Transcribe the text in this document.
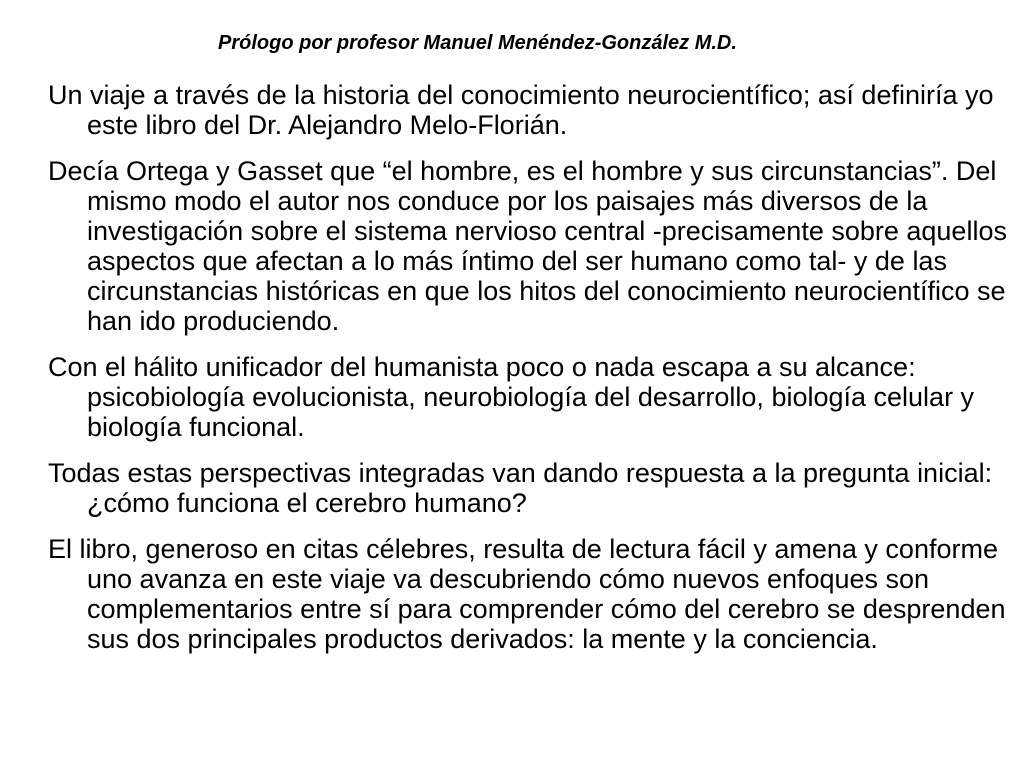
Prólogo por profesor Manuel Menéndez-González M.D.

Un viaje a través de la historia del conocimiento neurocientífico; así definiría yo este libro del Dr. Alejandro Melo-Florián.

Decía Ortega y Gasset que “el hombre, es el hombre y sus circunstancias”. Del mismo modo el autor nos conduce por los paisajes más diversos de la investigación sobre el sistema nervioso central -precisamente sobre aquellos aspectos que afectan a lo más íntimo del ser humano como tal- y de las circunstancias históricas en que los hitos del conocimiento neurocientífico se han ido produciendo.

Con el hálito unificador del humanista poco o nada escapa a su alcance: psicobiología evolucionista, neurobiología del desarrollo, biología celular y biología funcional.

Todas estas perspectivas integradas van dando respuesta a la pregunta inicial: ¿cómo funciona el cerebro humano?

El libro, generoso en citas célebres, resulta de lectura fácil y amena y conforme uno avanza en este viaje va descubriendo cómo nuevos enfoques son complementarios entre sí para comprender cómo del cerebro se desprenden sus dos principales productos derivados: la mente y la conciencia.
